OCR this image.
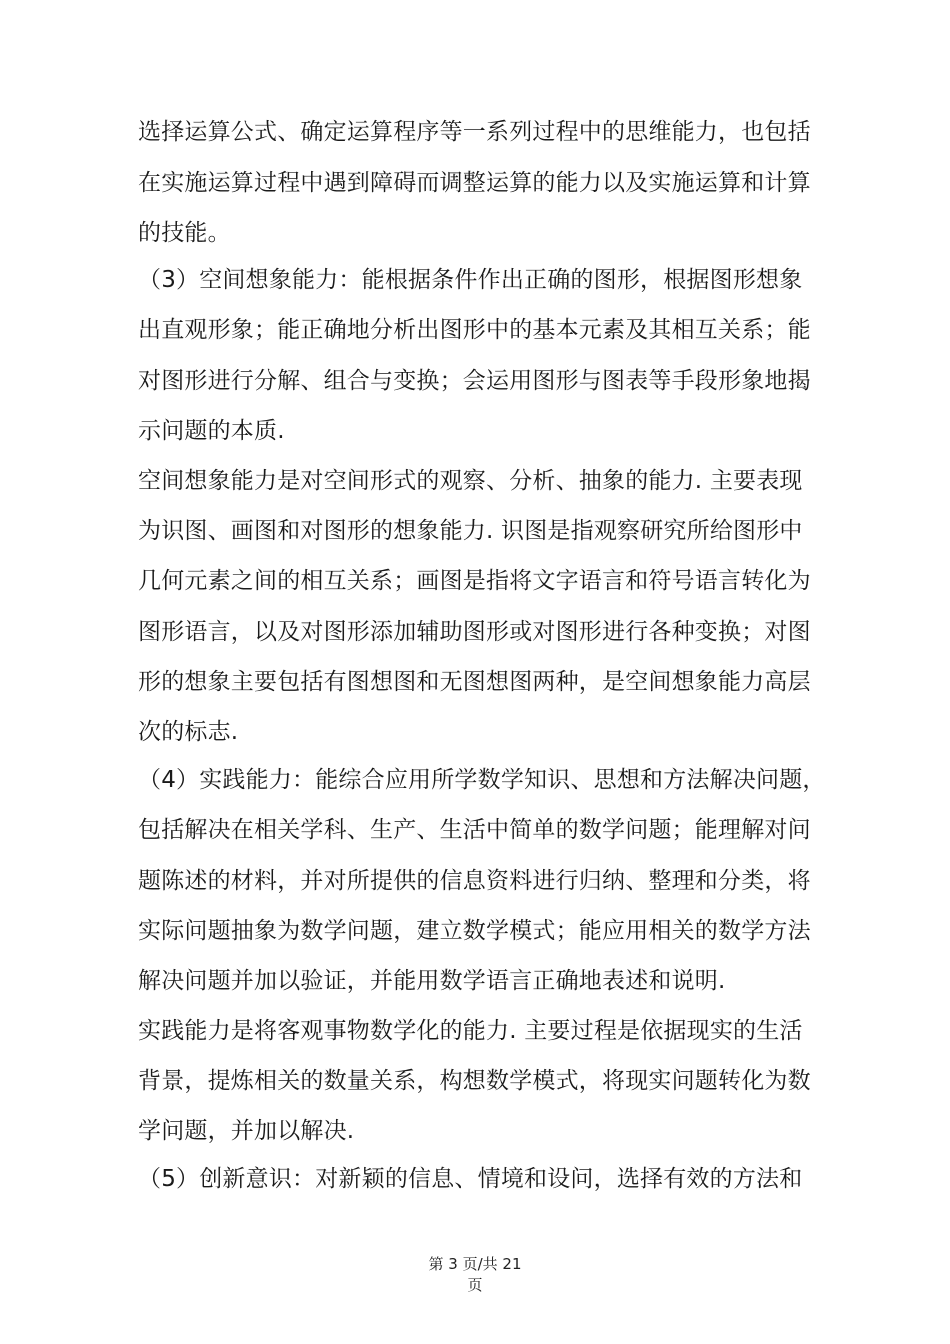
选择运算公式、确定运算程序等一系列过程中的思维能力，也包括
在实施运算过程中遇到障碍而调整运算的能力以及实施运算和计算
的技能。
（3）空间想象能力：能根据条件作出正确的图形，根据图形想象
出直观形象；能正确地分析出图形中的基本元素及其相互关系；能
对图形进行分解、组合与变换；会运用图形与图表等手段形象地揭
示问题的本质.
空间想象能力是对空间形式的观察、分析、抽象的能力. 主要表现
为识图、画图和对图形的想象能力. 识图是指观察研究所给图形中
几何元素之间的相互关系；画图是指将文字语言和符号语言转化为
图形语言，以及对图形添加辅助图形或对图形进行各种变换；对图
形的想象主要包括有图想图和无图想图两种，是空间想象能力高层
次的标志.
（4）实践能力：能综合应用所学数学知识、思想和方法解决问题，
包括解决在相关学科、生产、生活中简单的数学问题；能理解对问
题陈述的材料，并对所提供的信息资料进行归纳、整理和分类，将
实际问题抽象为数学问题，建立数学模式；能应用相关的数学方法
解决问题并加以验证，并能用数学语言正确地表述和说明.
实践能力是将客观事物数学化的能力. 主要过程是依据现实的生活
背景，提炼相关的数量关系，构想数学模式，将现实问题转化为数
学问题，并加以解决.
（5）创新意识：对新颖的信息、情境和设问，选择有效的方法和
第 3 页/共 21
页
